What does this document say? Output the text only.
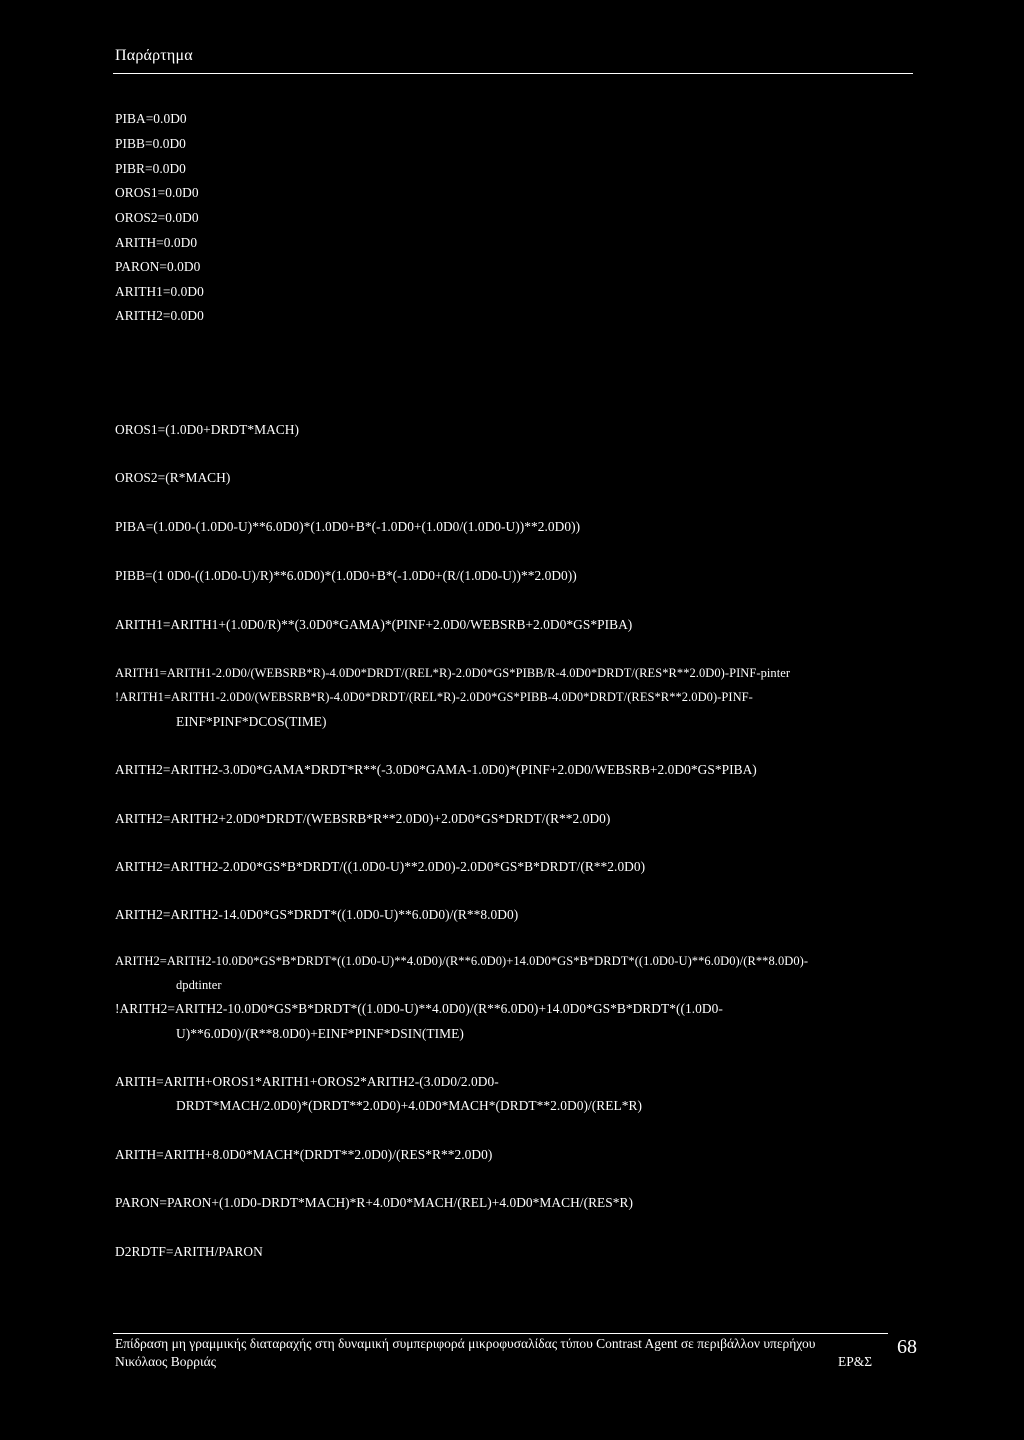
Παράρτημα
PIBA=0.0D0
PIBB=0.0D0
PIBR=0.0D0
OROS1=0.0D0
OROS2=0.0D0
ARITH=0.0D0
PARON=0.0D0
ARITH1=0.0D0
ARITH2=0.0D0
OROS1=(1.0D0+DRDT*MACH)
OROS2=(R*MACH)
PIBA=(1.0D0-(1.0D0-U)**6.0D0)*(1.0D0+B*(-1.0D0+(1.0D0/(1.0D0-U))**2.0D0))
PIBB=(1 0D0-((1.0D0-U)/R)**6.0D0)*(1.0D0+B*(-1.0D0+(R/(1.0D0-U))**2.0D0))
ARITH1=ARITH1+(1.0D0/R)**(3.0D0*GAMA)*(PINF+2.0D0/WEBSRB+2.0D0*GS*PIBA)
ARITH1=ARITH1-2.0D0/(WEBSRB*R)-4.0D0*DRDT/(REL*R)-2.0D0*GS*PIBB/R-4.0D0*DRDT/(RES*R**2.0D0)-PINF-pinter
!ARITH1=ARITH1-2.0D0/(WEBSRB*R)-4.0D0*DRDT/(REL*R)-2.0D0*GS*PIBB-4.0D0*DRDT/(RES*R**2.0D0)-PINF-
EINF*PINF*DCOS(TIME)
ARITH2=ARITH2-3.0D0*GAMA*DRDT*R**(-3.0D0*GAMA-1.0D0)*(PINF+2.0D0/WEBSRB+2.0D0*GS*PIBA)
ARITH2=ARITH2+2.0D0*DRDT/(WEBSRB*R**2.0D0)+2.0D0*GS*DRDT/(R**2.0D0)
ARITH2=ARITH2-2.0D0*GS*B*DRDT/((1.0D0-U)**2.0D0)-2.0D0*GS*B*DRDT/(R**2.0D0)
ARITH2=ARITH2-14.0D0*GS*DRDT*((1.0D0-U)**6.0D0)/(R**8.0D0)
ARITH2=ARITH2-10.0D0*GS*B*DRDT*((1.0D0-U)**4.0D0)/(R**6.0D0)+14.0D0*GS*B*DRDT*((1.0D0-U)**6.0D0)/(R**8.0D0)-
dpdtinter
!ARITH2=ARITH2-10.0D0*GS*B*DRDT*((1.0D0-U)**4.0D0)/(R**6.0D0)+14.0D0*GS*B*DRDT*((1.0D0-
U)**6.0D0)/(R**8.0D0)+EINF*PINF*DSIN(TIME)
ARITH=ARITH+OROS1*ARITH1+OROS2*ARITH2-(3.0D0/2.0D0-
DRDT*MACH/2.0D0)*(DRDT**2.0D0)+4.0D0*MACH*(DRDT**2.0D0)/(REL*R)
ARITH=ARITH+8.0D0*MACH*(DRDT**2.0D0)/(RES*R**2.0D0)
PARON=PARON+(1.0D0-DRDT*MACH)*R+4.0D0*MACH/(REL)+4.0D0*MACH/(RES*R)
D2RDTF=ARITH/PARON
Επίδραση μη γραμμικής διαταραχής στη δυναμική συμπεριφορά μικροφυσαλίδας τύπου Contrast Agent σε περιβάλλον υπερήχου
Νικόλαος Βορριάς	ΕΡ&Σ
68
